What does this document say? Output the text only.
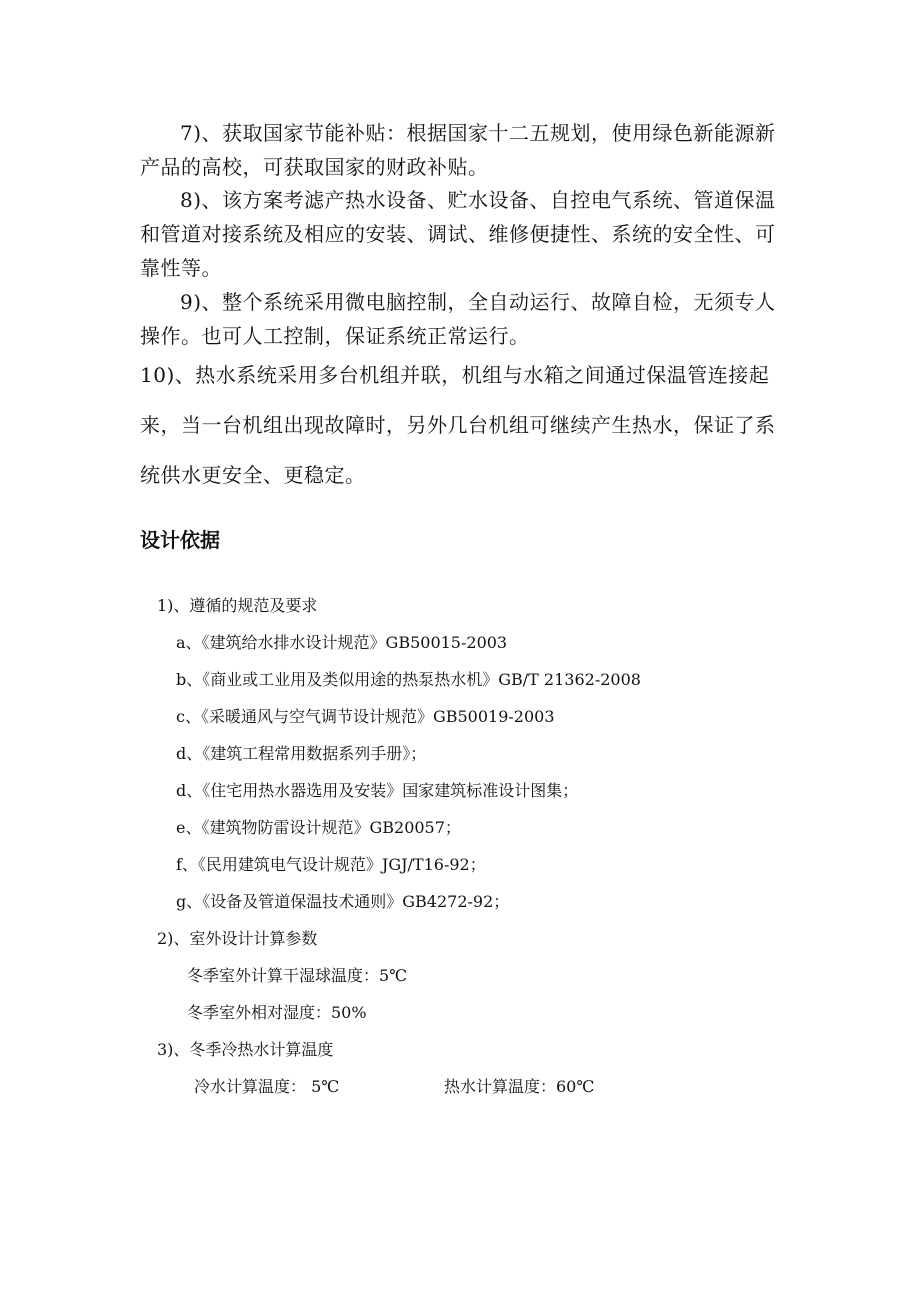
7)、获取国家节能补贴：根据国家十二五规划，使用绿色新能源新产品的高校，可获取国家的财政补贴。

8)、该方案考滤产热水设备、贮水设备、自控电气系统、管道保温和管道对接系统及相应的安装、调试、维修便捷性、系统的安全性、可靠性等。

9)、整个系统采用微电脑控制，全自动运行、故障自检，无须专人操作。也可人工控制，保证系统正常运行。

10)、热水系统采用多台机组并联，机组与水箱之间通过保温管连接起来，当一台机组出现故障时，另外几台机组可继续产生热水，保证了系统供水更安全、更稳定。

设计依据
1)、遵循的规范及要求
a、《建筑给水排水设计规范》GB50015-2003
b、《商业或工业用及类似用途的热泵热水机》GB/T 21362-2008
c、《采暖通风与空气调节设计规范》GB50019-2003
d、《建筑工程常用数据系列手册》；
d、《住宅用热水器选用及安装》国家建筑标准设计图集；
e、《建筑物防雷设计规范》GB20057；
f、《民用建筑电气设计规范》JGJ/T16-92；
g、《设备及管道保温技术通则》GB4272-92；
2)、室外设计计算参数
冬季室外计算干湿球温度：5℃
冬季室外相对湿度：50%
3)、冬季冷热水计算温度
冷水计算温度： 5℃	热水计算温度：60℃
